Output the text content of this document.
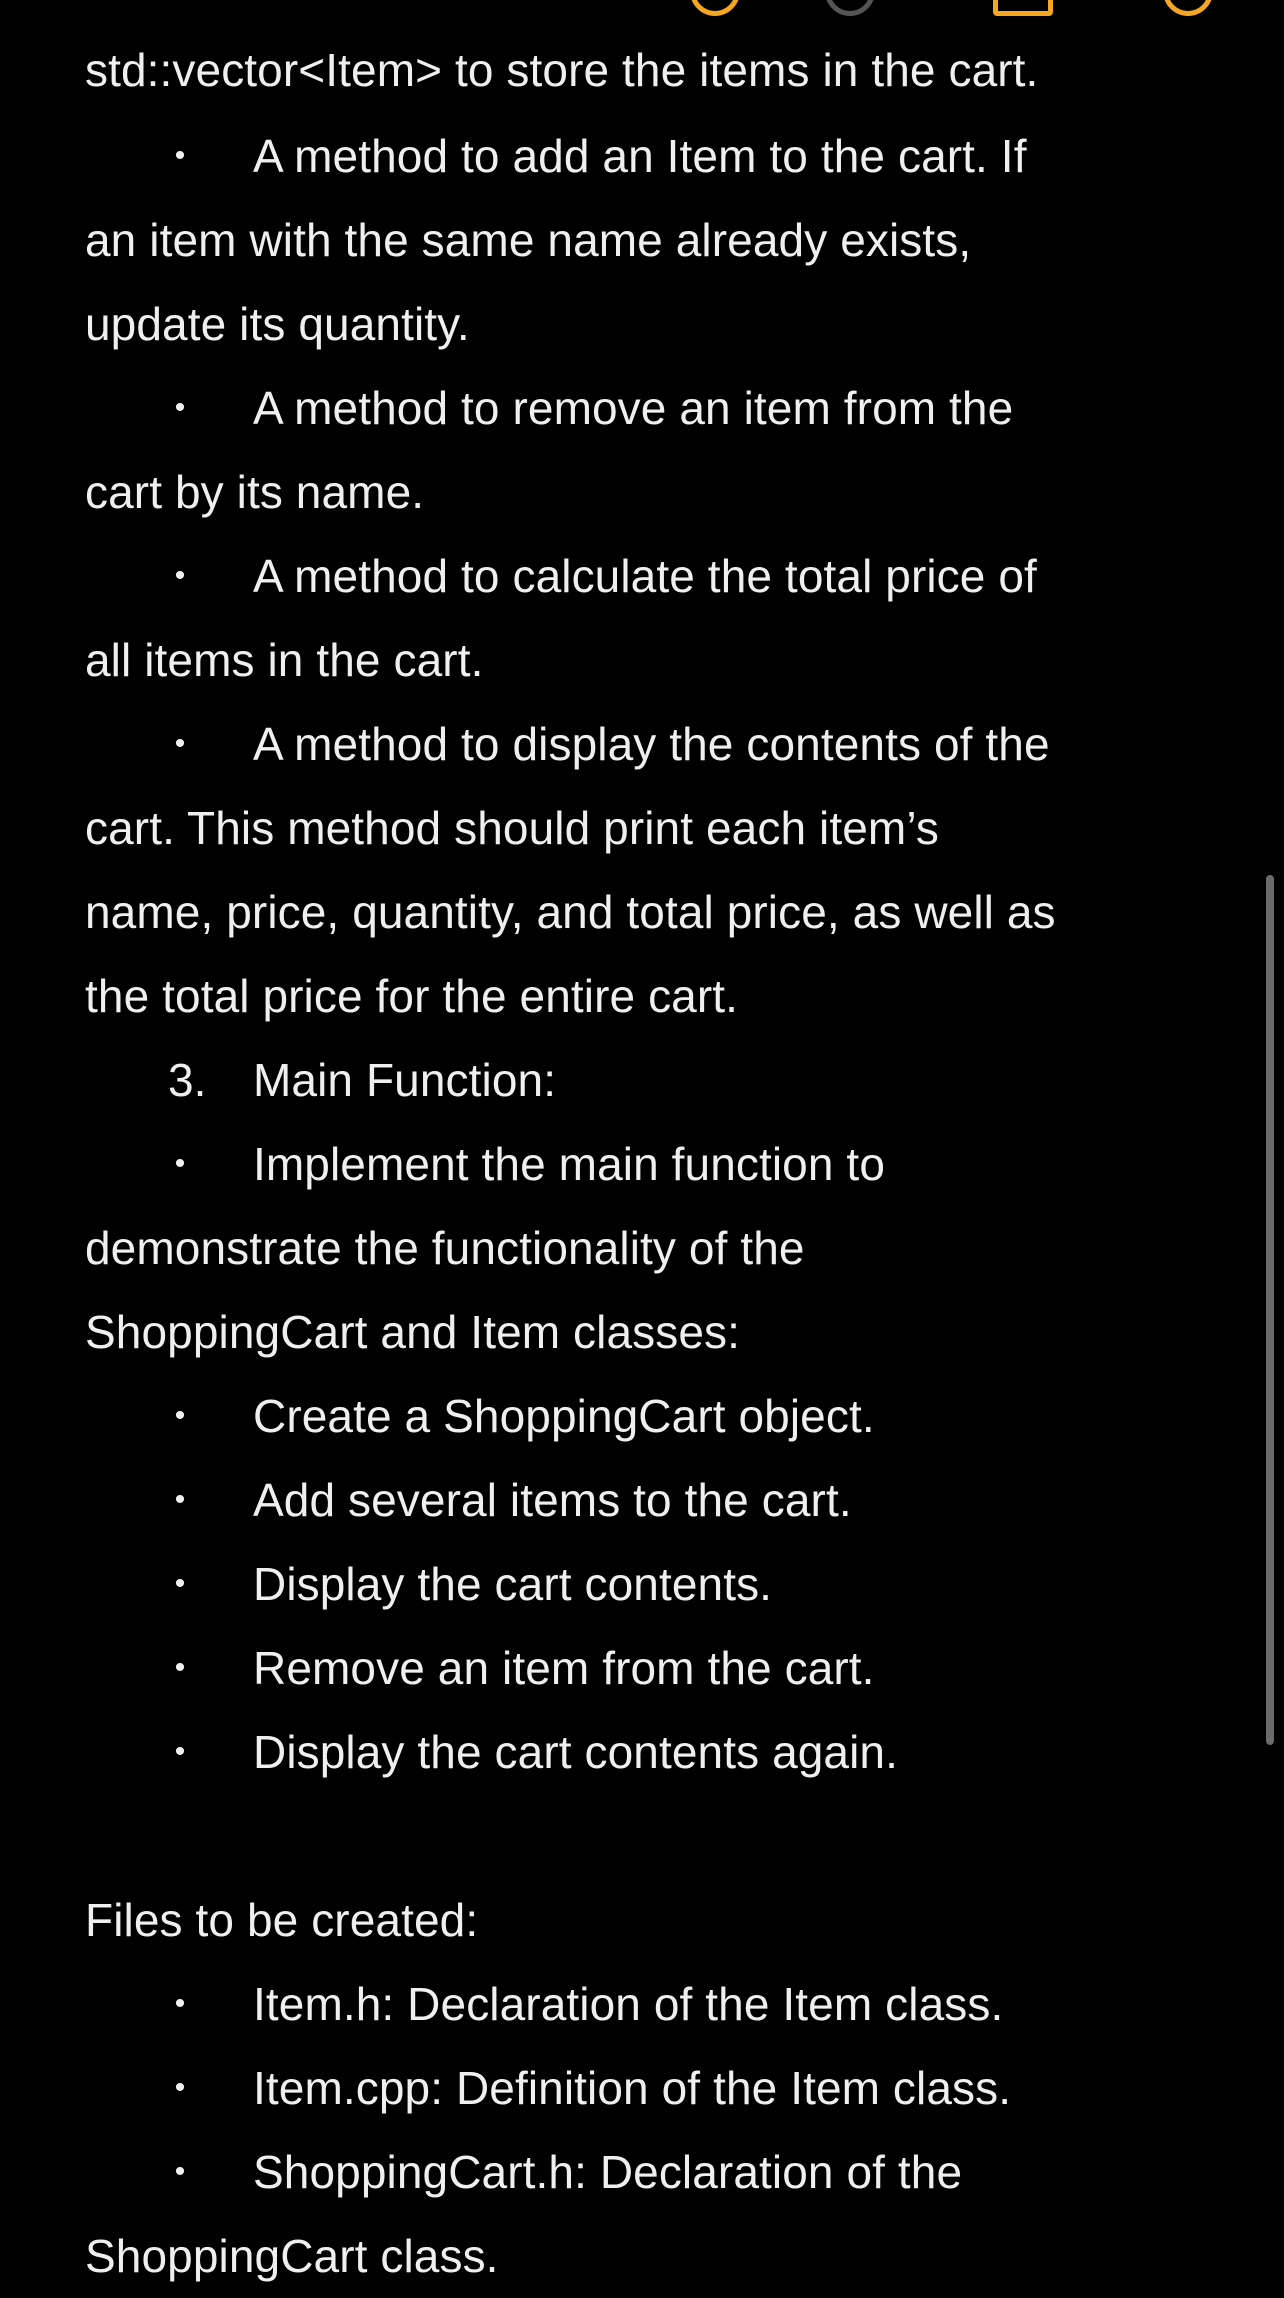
std::vector<Item> to store the items in the cart.
• A method to add an Item to the cart. If
an item with the same name already exists,
update its quantity.
• A method to remove an item from the
cart by its name.
• A method to calculate the total price of
all items in the cart.
• A method to display the contents of the
cart. This method should print each item’s
name, price, quantity, and total price, as well as
the total price for the entire cart.
3. Main Function:
• Implement the main function to
demonstrate the functionality of the
ShoppingCart and Item classes:
• Create a ShoppingCart object.
• Add several items to the cart.
• Display the cart contents.
• Remove an item from the cart.
• Display the cart contents again.
Files to be created:
• Item.h: Declaration of the Item class.
• Item.cpp: Definition of the Item class.
• ShoppingCart.h: Declaration of the
ShoppingCart class.
